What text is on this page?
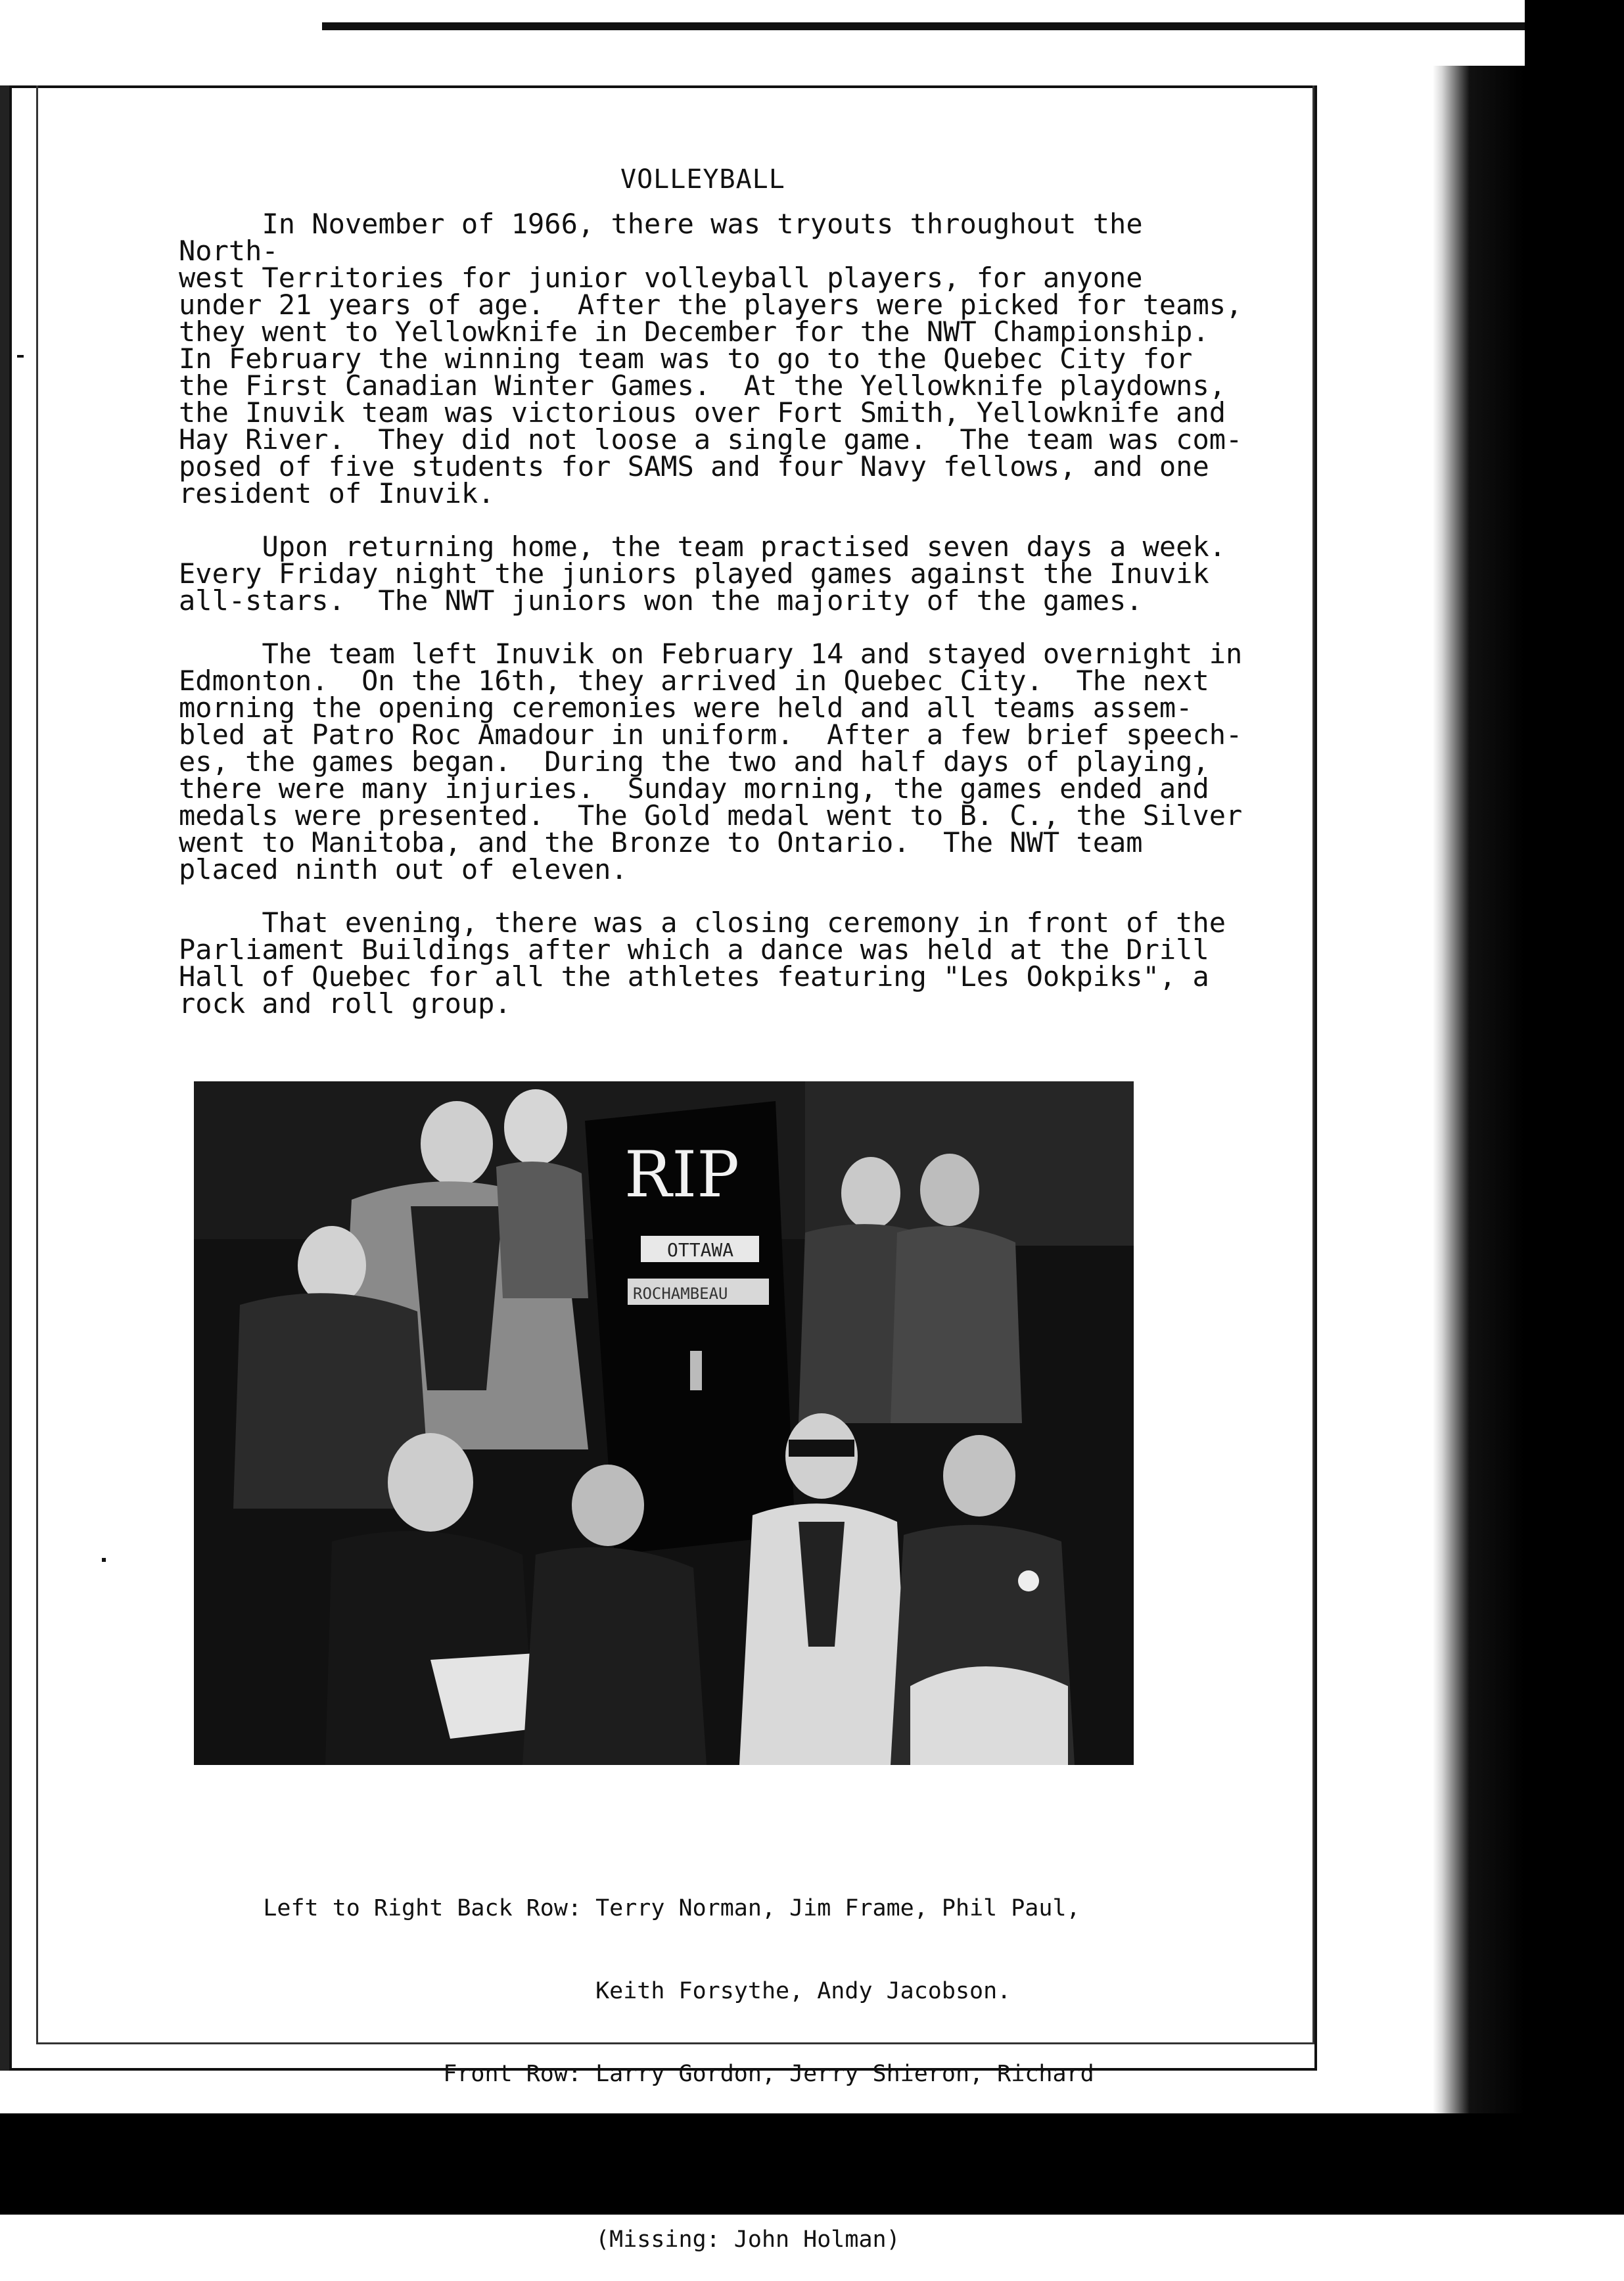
VOLLEYBALL

In November of 1966, there was tryouts throughout the North-
west Territories for junior volleyball players, for anyone
under 21 years of age.  After the players were picked for teams,
they went to Yellowknife in December for the NWT Championship.
In February the winning team was to go to the Quebec City for
the First Canadian Winter Games.  At the Yellowknife playdowns,
the Inuvik team was victorious over Fort Smith, Yellowknife and
Hay River.  They did not loose a single game.  The team was com-
posed of five students for SAMS and four Navy fellows, and one
resident of Inuvik.

Upon returning home, the team practised seven days a week.
Every Friday night the juniors played games against the Inuvik
all-stars.  The NWT juniors won the majority of the games.

The team left Inuvik on February 14 and stayed overnight in
Edmonton.  On the 16th, they arrived in Quebec City.  The next
morning the opening ceremonies were held and all teams assem-
bled at Patro Roc Amadour in uniform.  After a few brief speech-
es, the games began.  During the two and half days of playing,
there were many injuries.  Sunday morning, the games ended and
medals were presented.  The Gold medal went to B. C., the Silver
went to Manitoba, and the Bronze to Ontario.  The NWT team
placed ninth out of eleven.

That evening, there was a closing ceremony in front of the
Parliament Buildings after which a dance was held at the Drill
Hall of Quebec for all the athletes featuring "Les Ookpiks", a
rock and roll group.

RIP
OTTAWA
ROCHAMBEAU

Left to Right Back Row: Terry Norman, Jim Frame, Phil Paul,

Keith Forsythe, Andy Jacobson.

Front Row: Larry Gordon, Jerry Shieron, Richard

(Missing: John Holman)
